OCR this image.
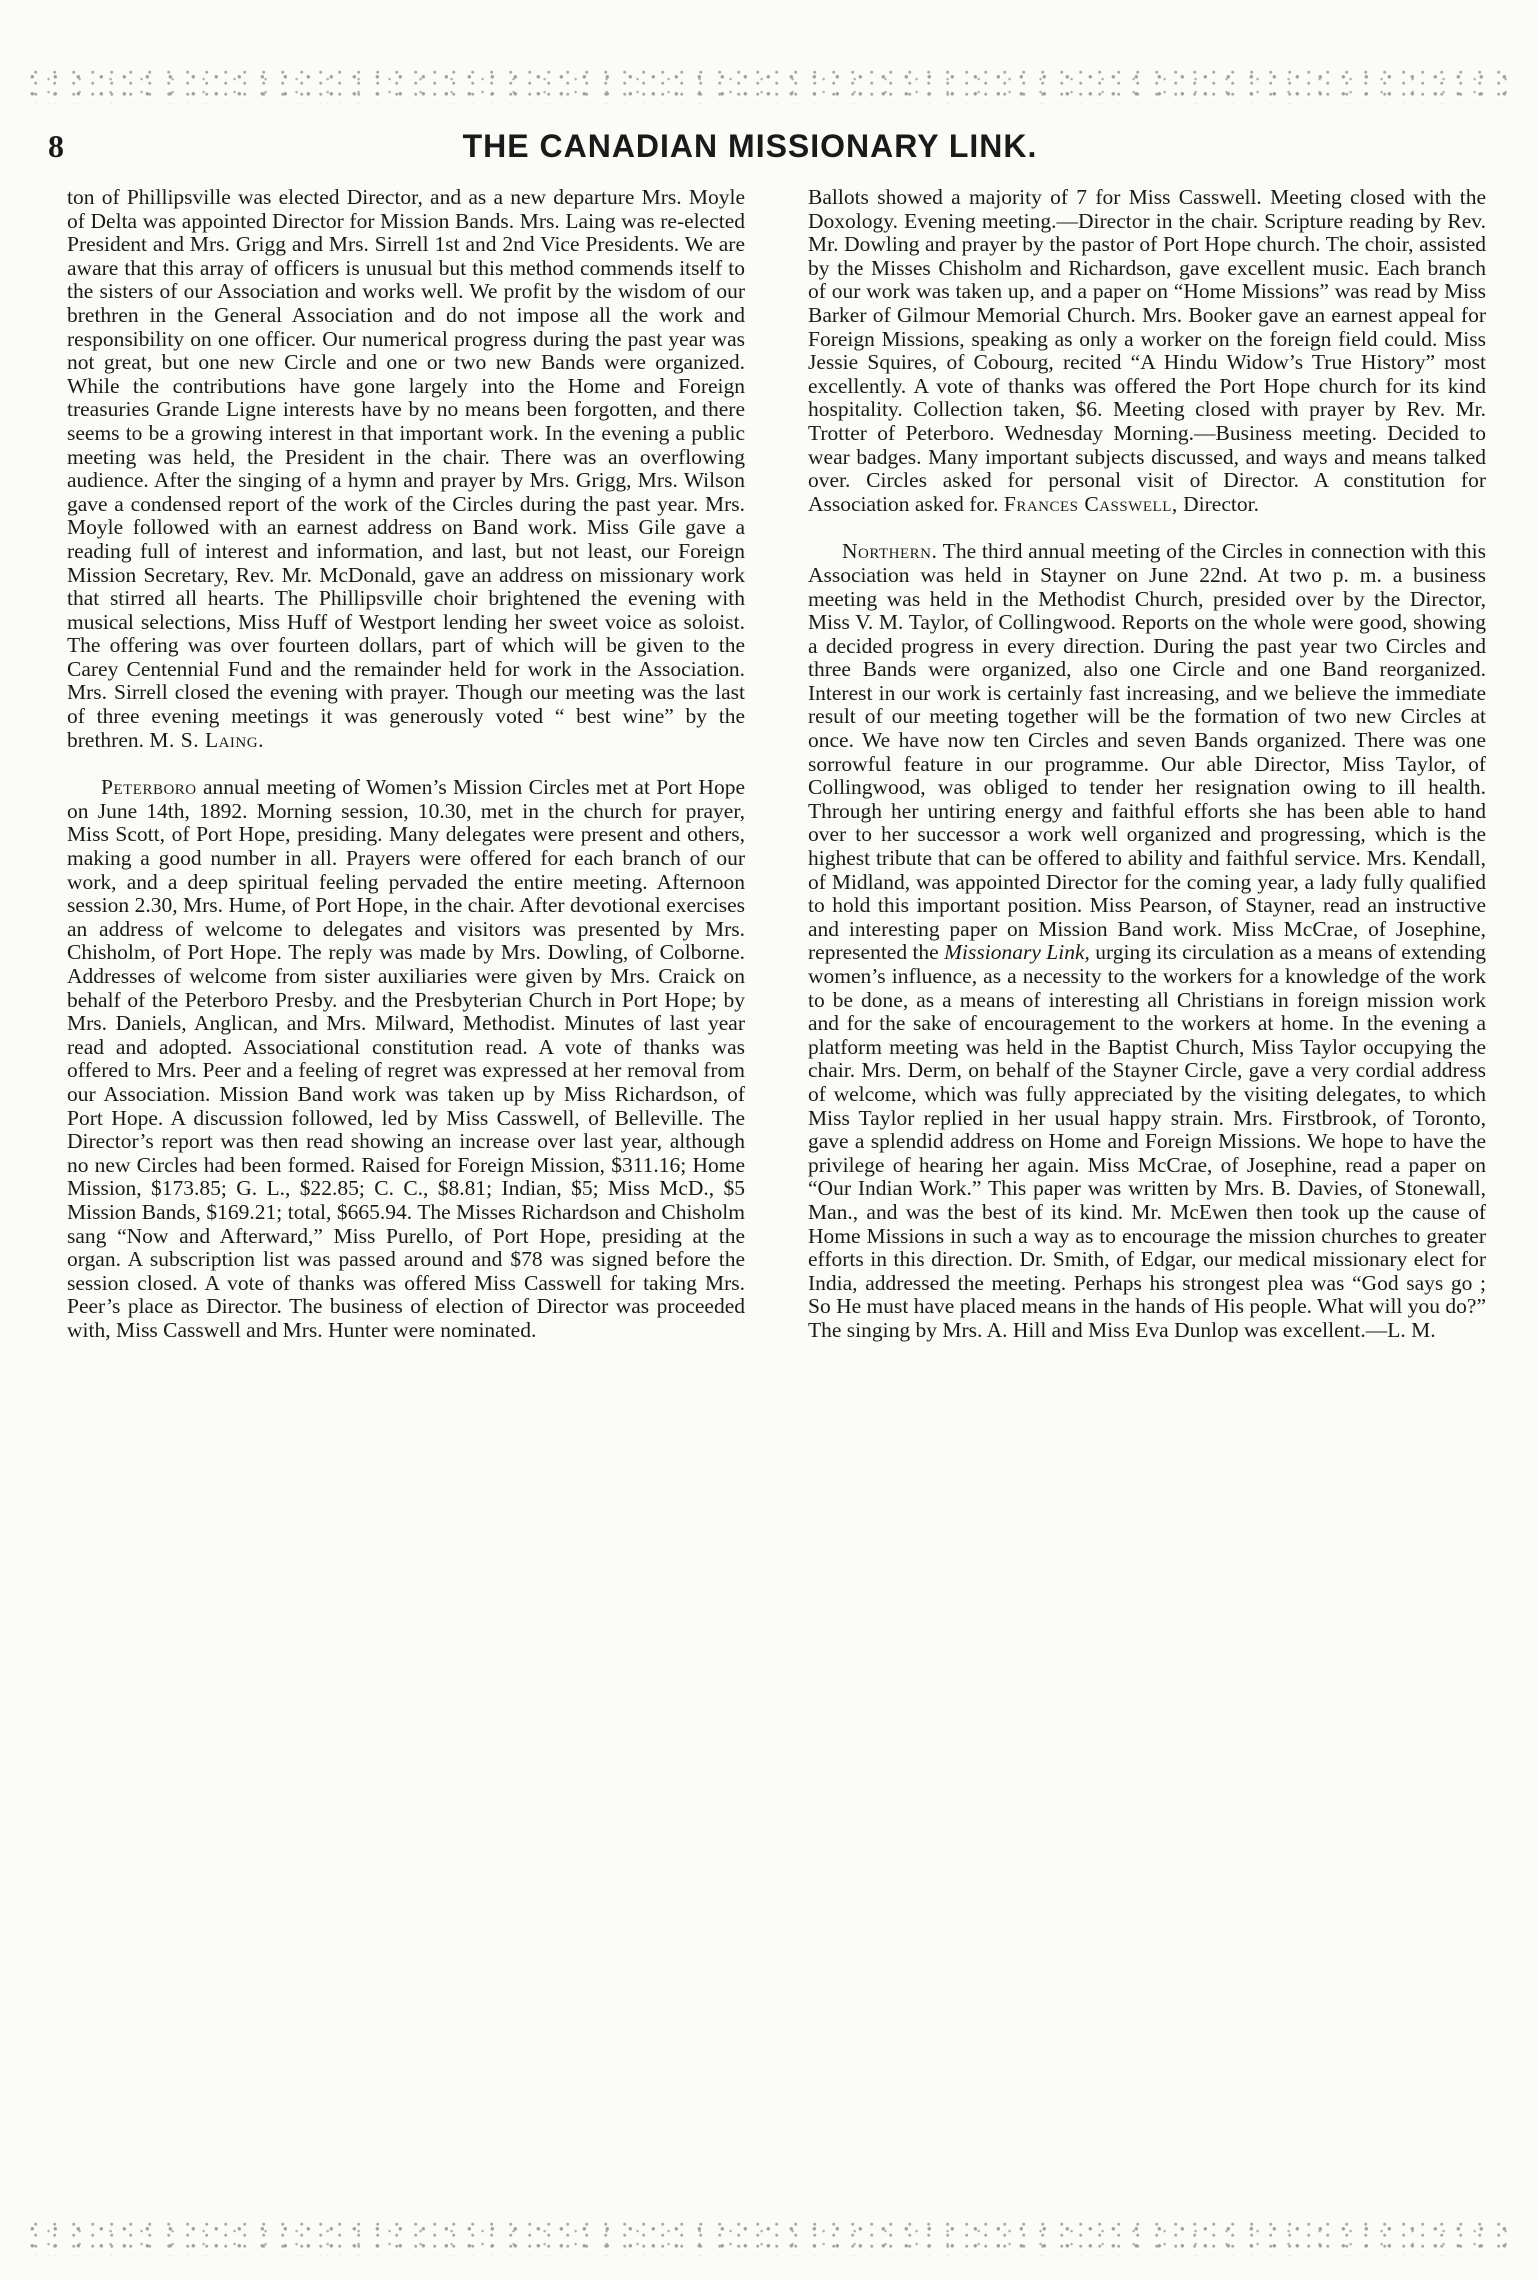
8	THE CANADIAN MISSIONARY LINK.

ton of Phillipsville was elected Director, and as a new departure Mrs. Moyle of Delta was appointed Director for Mission Bands. Mrs. Laing was re-elected President and Mrs. Grigg and Mrs. Sirrell 1st and 2nd Vice Presidents. We are aware that this array of officers is unusual but this method commends itself to the sisters of our Association and works well. We profit by the wisdom of our brethren in the General Association and do not impose all the work and responsibility on one officer. Our numerical progress during the past year was not great, but one new Circle and one or two new Bands were organized. While the contributions have gone largely into the Home and Foreign treasuries Grande Ligne interests have by no means been forgotten, and there seems to be a growing interest in that important work. In the evening a public meeting was held, the President in the chair. There was an overflowing audience. After the singing of a hymn and prayer by Mrs. Grigg, Mrs. Wilson gave a condensed report of the work of the Circles during the past year. Mrs. Moyle followed with an earnest address on Band work. Miss Gile gave a reading full of interest and information, and last, but not least, our Foreign Mission Secretary, Rev. Mr. McDonald, gave an address on missionary work that stirred all hearts. The Phillipsville choir brightened the evening with musical selections, Miss Huff of Westport lending her sweet voice as soloist. The offering was over fourteen dollars, part of which will be given to the Carey Centennial Fund and the remainder held for work in the Association. Mrs. Sirrell closed the evening with prayer. Though our meeting was the last of three evening meetings it was generously voted “ best wine” by the brethren. M. S. Laing.

Peterboro annual meeting of Women’s Mission Circles met at Port Hope on June 14th, 1892. Morning session, 10.30, met in the church for prayer, Miss Scott, of Port Hope, presiding. Many delegates were present and others, making a good number in all. Prayers were offered for each branch of our work, and a deep spiritual feeling pervaded the entire meeting. Afternoon session 2.30, Mrs. Hume, of Port Hope, in the chair. After devotional exercises an address of welcome to delegates and visitors was presented by Mrs. Chisholm, of Port Hope. The reply was made by Mrs. Dowling, of Colborne. Addresses of welcome from sister auxiliaries were given by Mrs. Craick on behalf of the Peterboro Presby. and the Presbyterian Church in Port Hope; by Mrs. Daniels, Anglican, and Mrs. Milward, Methodist. Minutes of last year read and adopted. Associational constitution read. A vote of thanks was offered to Mrs. Peer and a feeling of regret was expressed at her removal from our Association. Mission Band work was taken up by Miss Richardson, of Port Hope. A discussion followed, led by Miss Casswell, of Belleville. The Director’s report was then read showing an increase over last year, although no new Circles had been formed. Raised for Foreign Mission, $311.16; Home Mission, $173.85; G. L., $22.85; C. C., $8.81; Indian, $5; Miss McD., $5 Mission Bands, $169.21; total, $665.94. The Misses Richardson and Chisholm sang “Now and Afterward,” Miss Purello, of Port Hope, presiding at the organ. A subscription list was passed around and $78 was signed before the session closed. A vote of thanks was offered Miss Casswell for taking Mrs. Peer’s place as Director. The business of election of Director was proceeded with, Miss Casswell and Mrs. Hunter were nominated.

Ballots showed a majority of 7 for Miss Casswell. Meeting closed with the Doxology. Evening meeting.—Director in the chair. Scripture reading by Rev. Mr. Dowling and prayer by the pastor of Port Hope church. The choir, assisted by the Misses Chisholm and Richardson, gave excellent music. Each branch of our work was taken up, and a paper on “Home Missions” was read by Miss Barker of Gilmour Memorial Church. Mrs. Booker gave an earnest appeal for Foreign Missions, speaking as only a worker on the foreign field could. Miss Jessie Squires, of Cobourg, recited “A Hindu Widow’s True History” most excellently. A vote of thanks was offered the Port Hope church for its kind hospitality. Collection taken, $6. Meeting closed with prayer by Rev. Mr. Trotter of Peterboro. Wednesday Morning.—Business meeting. Decided to wear badges. Many important subjects discussed, and ways and means talked over. Circles asked for personal visit of Director. A constitution for Association asked for. Frances Casswell, Director.

Northern. The third annual meeting of the Circles in connection with this Association was held in Stayner on June 22nd. At two p. m. a business meeting was held in the Methodist Church, presided over by the Director, Miss V. M. Taylor, of Collingwood. Reports on the whole were good, showing a decided progress in every direction. During the past year two Circles and three Bands were organized, also one Circle and one Band reorganized. Interest in our work is certainly fast increasing, and we believe the immediate result of our meeting together will be the formation of two new Circles at once. We have now ten Circles and seven Bands organized. There was one sorrowful feature in our programme. Our able Director, Miss Taylor, of Collingwood, was obliged to tender her resignation owing to ill health. Through her untiring energy and faithful efforts she has been able to hand over to her successor a work well organized and progressing, which is the highest tribute that can be offered to ability and faithful service. Mrs. Kendall, of Midland, was appointed Director for the coming year, a lady fully qualified to hold this important position. Miss Pearson, of Stayner, read an instructive and interesting paper on Mission Band work. Miss McCrae, of Josephine, represented the Missionary Link, urging its circulation as a means of extending women’s influence, as a necessity to the workers for a knowledge of the work to be done, as a means of interesting all Christians in foreign mission work and for the sake of encouragement to the workers at home. In the evening a platform meeting was held in the Baptist Church, Miss Taylor occupying the chair. Mrs. Derm, on behalf of the Stayner Circle, gave a very cordial address of welcome, which was fully appreciated by the visiting delegates, to which Miss Taylor replied in her usual happy strain. Mrs. Firstbrook, of Toronto, gave a splendid address on Home and Foreign Missions. We hope to have the privilege of hearing her again. Miss McCrae, of Josephine, read a paper on “Our Indian Work.” This paper was written by Mrs. B. Davies, of Stonewall, Man., and was the best of its kind. Mr. McEwen then took up the cause of Home Missions in such a way as to encourage the mission churches to greater efforts in this direction. Dr. Smith, of Edgar, our medical missionary elect for India, addressed the meeting. Perhaps his strongest plea was “God says go ; So He must have placed means in the hands of His people. What will you do?” The singing by Mrs. A. Hill and Miss Eva Dunlop was excellent.—L. M.
